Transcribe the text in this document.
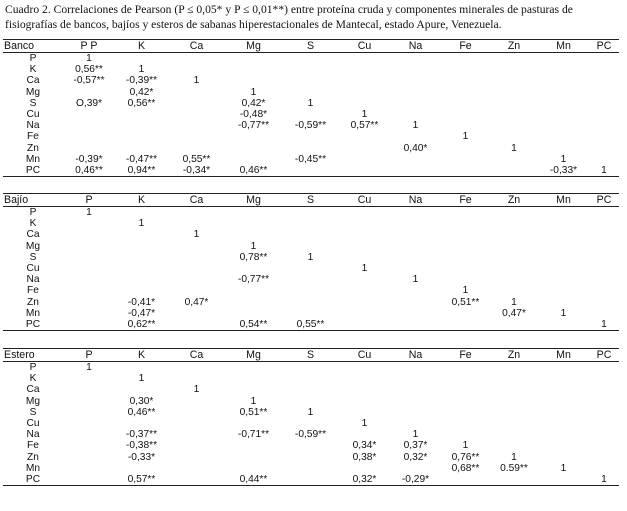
Cuadro 2. Correlaciones de Pearson (P ≤ 0,05* y P ≤ 0,01**) entre proteína cruda y componentes minerales de pasturas de fisiografías de bancos, bajíos y esteros de sabanas hiperestacionales de Mantecal, estado Apure, Venezuela.
Banco	P P	K	Ca	Mg	S	Cu	Na	Fe	Zn	Mn	PC
P	1										
K	0,56**	1									
Ca	-0,57**	-0,39**	1								
Mg		0,42*		1							
S	O,39*	0,56**		0,42*	1						
Cu				-0,48*		1					
Na				-0,77**	-0,59**	0,57**	1				
Fe								1			
Zn							0,40*		1		
Mn	-0,39*	-0,47**	0,55**		-0,45**					1	
PC	0,46**	0,94**	-0,34*	0,46**						-0,33*	1
Bajío	P	K	Ca	Mg	S	Cu	Na	Fe	Zn	Mn	PC
P	1										
K		1									
Ca			1								
Mg				1							
S				0,78**	1						
Cu						1					
Na				-0,77**			1				
Fe								1			
Zn		-0,41*	0,47*					0,51**	1		
Mn		-0,47*							0,47*	1	
PC		0,62**		0,54**	0,55**						1
Estero	P	K	Ca	Mg	S	Cu	Na	Fe	Zn	Mn	PC
P	1										
K		1									
Ca			1								
Mg		0,30*		1							
S		0,46**		0,51**	1						
Cu						1					
Na		-0,37**		-0,71**	-0,59**		1				
Fe		-0,38**				0,34*	0,37*	1			
Zn		-0,33*				0,38*	0,32*	0,76**	1		
Mn								0,68**	0.59**	1	
PC		0,57**		0,44**		0,32*	-0,29*				1
